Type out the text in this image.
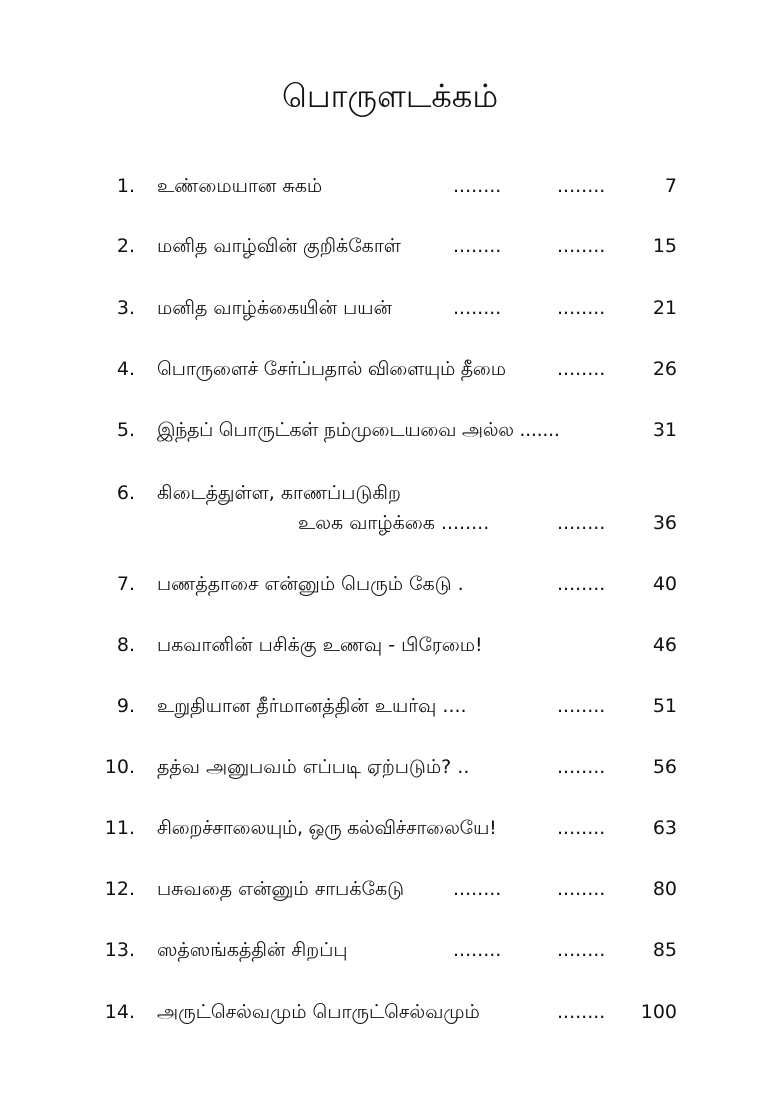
பொருளடக்கம்
1. உண்மையான சுகம்	........	........	7
2. மனித வாழ்வின் குறிக்கோள்	........	........ 15
3. மனித வாழ்க்கையின் பயன்	........	........ 21
4. பொருளைச் சேர்ப்பதால் விளையும் தீமை	........ 26
5. இந்தப் பொருட்கள் நம்முடையவை அல்ல .......	31
6. கிடைத்துள்ள, காணப்படுகிற
உலக வாழ்க்கை ........	........ 36
7. பணத்தாசை என்னும் பெரும் கேடு .	........ 40
8. பகவானின் பசிக்கு உணவு - பிரேமை!	46
9. உறுதியான தீர்மானத்தின் உயர்வு ....	........ 51
10. தத்வ அனுபவம் எப்படி ஏற்படும்? ..	........ 56
11. சிறைச்சாலையும், ஒரு கல்விச்சாலையே!	........ 63
12. பசுவதை என்னும் சாபக்கேடு	........	........ 80
13. ஸத்ஸங்கத்தின் சிறப்பு	........	........ 85
14. அருட்செல்வமும் பொருட்செல்வமும்	........ 100
